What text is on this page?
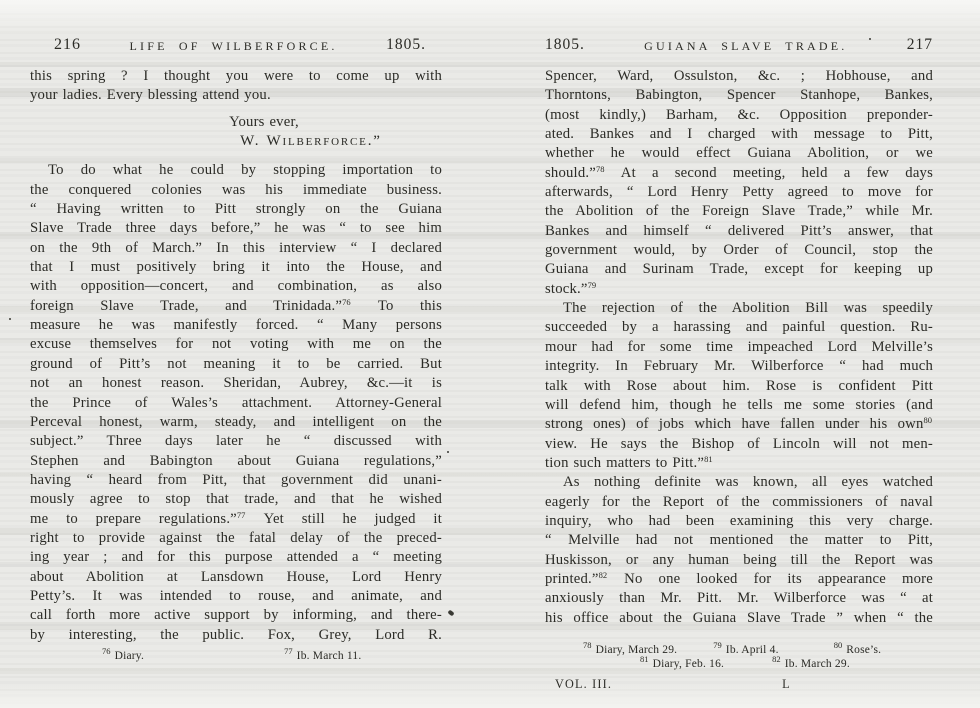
216	LIFE OF WILBERFORCE.	1805.
this spring ? I thought you were to come up with
your ladies. Every blessing attend you.
Yours ever,
W. Wilberforce.”
To do what he could by stopping importation to
the conquered colonies was his immediate business.
“ Having written to Pitt strongly on the Guiana
Slave Trade three days before,” he was “ to see him
on the 9th of March.” In this interview “ I declared
that I must positively bring it into the House, and
with opposition—concert, and combination, as also
foreign Slave Trade, and Trinidada.”$^{76}$ To this
measure he was manifestly forced. “ Many persons
excuse themselves for not voting with me on the
ground of Pitt’s not meaning it to be carried. But
not an honest reason. Sheridan, Aubrey, &c.—it is
the Prince of Wales’s attachment. Attorney-General
Perceval honest, warm, steady, and intelligent on the
subject.” Three days later he “ discussed with
Stephen and Babington about Guiana regulations,”
having “ heard from Pitt, that government did unani-
mously agree to stop that trade, and that he wished
me to prepare regulations.”$^{77}$ Yet still he judged it
right to provide against the fatal delay of the preced-
ing year ; and for this purpose attended a “ meeting
about Abolition at Lansdown House, Lord Henry
Petty’s. It was intended to rouse, and animate, and
call forth more active support by informing, and there-
by interesting, the public. Fox, Grey, Lord R.
$^{76}$ Diary.	$^{77}$ Ib. March 11.
1805.	GUIANA SLAVE TRADE.	217
Spencer, Ward, Ossulston, &c. ; Hobhouse, and
Thorntons, Babington, Spencer Stanhope, Bankes,
(most kindly,) Barham, &c. Opposition preponder-
ated. Bankes and I charged with message to Pitt,
whether he would effect Guiana Abolition, or we
should.”$^{78}$ At a second meeting, held a few days
afterwards, “ Lord Henry Petty agreed to move for
the Abolition of the Foreign Slave Trade,” while Mr.
Bankes and himself “ delivered Pitt’s answer, that
government would, by Order of Council, stop the
Guiana and Surinam Trade, except for keeping up
stock.”$^{79}$
The rejection of the Abolition Bill was speedily
succeeded by a harassing and painful question. Ru-
mour had for some time impeached Lord Melville’s
integrity. In February Mr. Wilberforce “ had much
talk with Rose about him. Rose is confident Pitt
will defend him, though he tells me some stories (and
strong ones) of jobs which have fallen under his own$^{80}$
view. He says the Bishop of Lincoln will not men-
tion such matters to Pitt.”$^{81}$
As nothing definite was known, all eyes watched
eagerly for the Report of the commissioners of naval
inquiry, who had been examining this very charge.
“ Melville had not mentioned the matter to Pitt,
Huskisson, or any human being till the Report was
printed.”$^{82}$ No one looked for its appearance more
anxiously than Mr. Pitt. Mr. Wilberforce was “ at
his office about the Guiana Slave Trade ” when “ the
$^{78}$ Diary, March 29.	$^{79}$ Ib. April 4.	$^{80}$ Rose’s.
$^{81}$ Diary, Feb. 16.	$^{82}$ Ib. March 29.
VOL. III.	L
